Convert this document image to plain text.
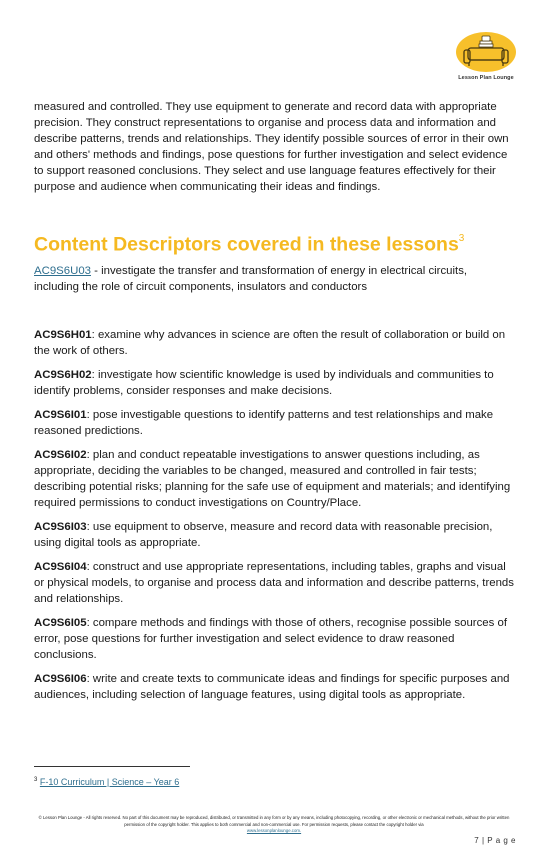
Lesson Plan Lounge

measured and controlled. They use equipment to generate and record data with appropriate precision. They construct representations to organise and process data and information and describe patterns, trends and relationships. They identify possible sources of error in their own and others' methods and findings, pose questions for further investigation and select evidence to support reasoned conclusions. They select and use language features effectively for their purpose and audience when communicating their ideas and findings.

Content Descriptors covered in these lessons$^3$

AC9S6U03 - investigate the transfer and transformation of energy in electrical circuits, including the role of circuit components, insulators and conductors

AC9S6H01: examine why advances in science are often the result of collaboration or build on the work of others.

AC9S6H02: investigate how scientific knowledge is used by individuals and communities to identify problems, consider responses and make decisions.

AC9S6I01: pose investigable questions to identify patterns and test relationships and make reasoned predictions.

AC9S6I02: plan and conduct repeatable investigations to answer questions including, as appropriate, deciding the variables to be changed, measured and controlled in fair tests; describing potential risks; planning for the safe use of equipment and materials; and identifying required permissions to conduct investigations on Country/Place.

AC9S6I03: use equipment to observe, measure and record data with reasonable precision, using digital tools as appropriate.

AC9S6I04: construct and use appropriate representations, including tables, graphs and visual or physical models, to organise and process data and information and describe patterns, trends and relationships.

AC9S6I05: compare methods and findings with those of others, recognise possible sources of error, pose questions for further investigation and select evidence to draw reasoned conclusions.

AC9S6I06: write and create texts to communicate ideas and findings for specific purposes and audiences, including selection of language features, using digital tools as appropriate.

$^3$ F-10 Curriculum | Science – Year 6
© Lesson Plan Lounge - All rights reserved. No part of this document may be reproduced, distributed, or transmitted in any form or by any means, including photocopying, recording, or other electronic or mechanical methods, without the prior written permission of the copyright holder. This applies to both commercial and non-commercial use. For permission requests, please contact the copyright holder via
www.lessonplanlounge.com.
7 | P a g e
